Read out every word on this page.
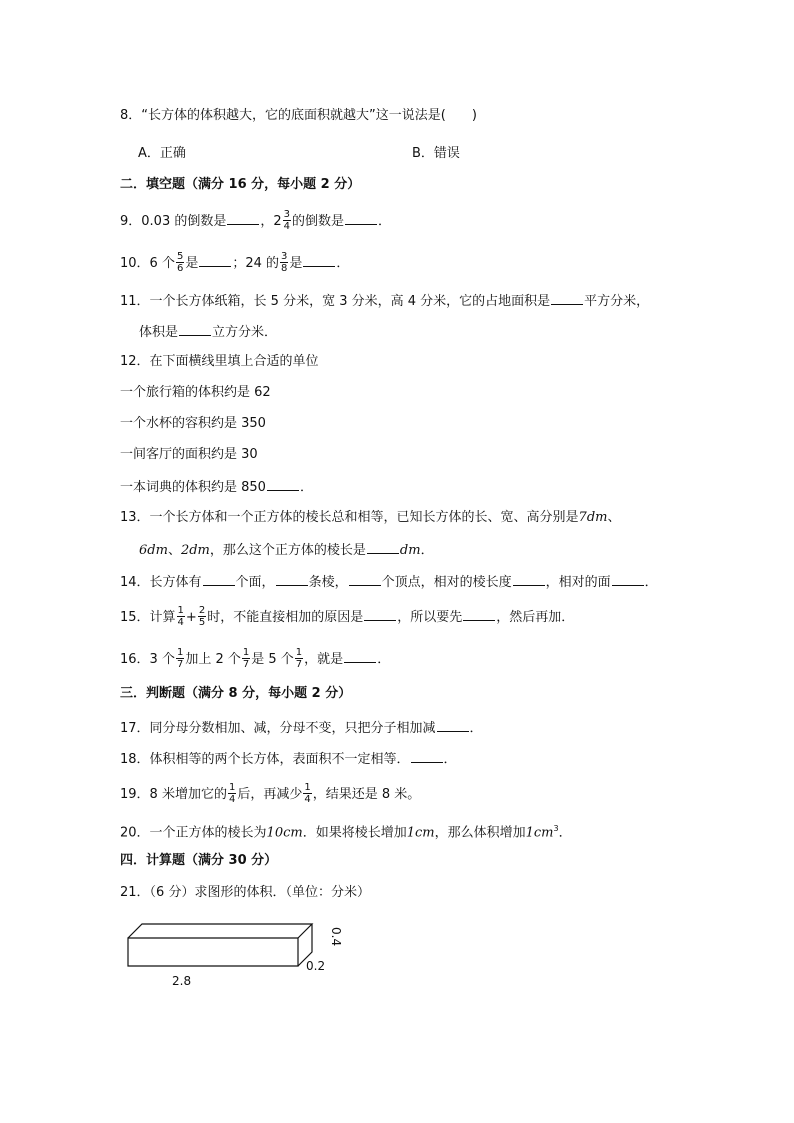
8．“长方体的体积越大，它的底面积就越大”这一说法是(　　)
A．正确	B．错误
二．填空题（满分 16 分，每小题 2 分）
9．0.03 的倒数是	，$2 \frac{3}{4}$ 的倒数是	．
10．6 个 $\frac{5}{6}$ 是	；24 的 $\frac{3}{8}$ 是	．
11．一个长方体纸箱，长 5 分米，宽 3 分米，高 4 分米，它的占地面积是	平方分米，
体积是	立方分米．
12．在下面横线里填上合适的单位
一个旅行箱的体积约是 62
一个水杯的容积约是 350
一间客厅的面积约是 30
一本词典的体积约是 850	．
13．一个长方体和一个正方体的棱长总和相等，已知长方体的长、宽、高分别是7dm、
6dm、2dm，那么这个正方体的棱长是	dm．
14．长方体有	个面，	条棱，	个顶点，相对的棱长度	，相对的面	．
15．计算 $\frac{1}{4} + \frac{2}{5}$ 时，不能直接相加的原因是	，所以要先	，然后再加．
16．3 个 $\frac{1}{7}$ 加上 2 个 $\frac{1}{7}$ 是 5 个 $\frac{1}{7}$ ，就是	．
三．判断题（满分 8 分，每小题 2 分）
17．同分母分数相加、减，分母不变，只把分子相加减	．
18．体积相等的两个长方体，表面积不一定相等．	．
19．8 米增加它的 $\frac{1}{4}$ 后，再减少 $\frac{1}{4}$ ，结果还是 8 米。
20．一个正方体的棱长为10cm．如果将棱长增加1cm，那么体积增加$1cm^3$．
四．计算题（满分 30 分）
21．（6 分）求图形的体积．（单位：分米）
2.8
0.2
0.4
